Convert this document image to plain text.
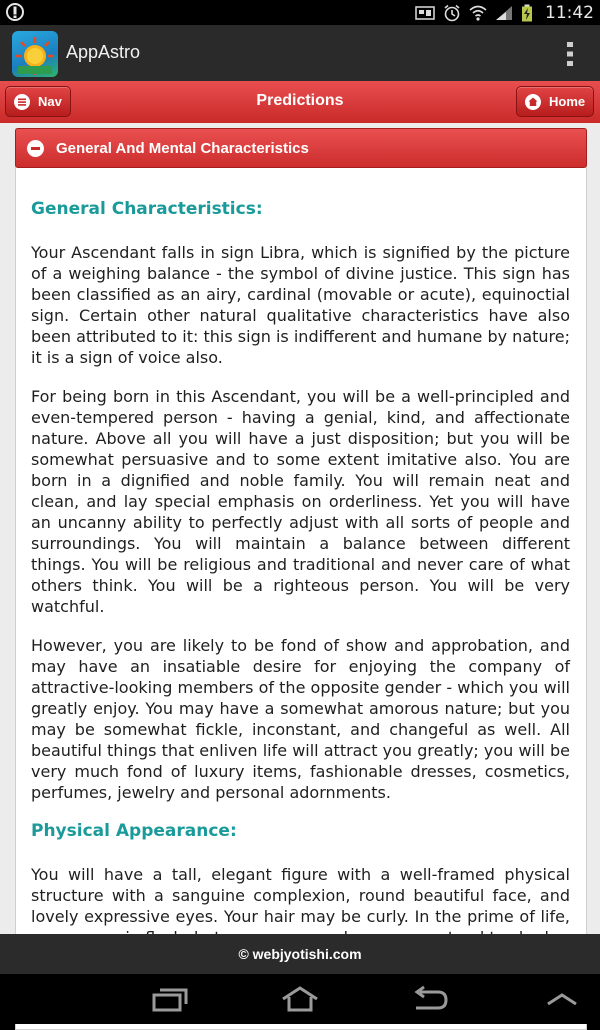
11:42
AppAstro
Nav	Predictions	Home
General And Mental Characteristics
General Characteristics:

Your Ascendant falls in sign Libra, which is signified by the picture of a weighing balance - the symbol of divine justice. This sign has been classified as an airy, cardinal (movable or acute), equinoctial sign. Certain other natural qualitative characteristics have also been attributed to it: this sign is indifferent and humane by nature; it is a sign of voice also.

For being born in this Ascendant, you will be a well-principled and even-tempered person - having a genial, kind, and affectionate nature. Above all you will have a just disposition; but you will be somewhat persuasive and to some extent imitative also. You are born in a dignified and noble family. You will remain neat and clean, and lay special emphasis on orderliness. Yet you will have an uncanny ability to perfectly adjust with all sorts of people and surroundings. You will maintain a balance between different things. You will be religious and traditional and never care of what others think. You will be a righteous person. You will be very watchful.

However, you are likely to be fond of show and approbation, and may have an insatiable desire for enjoying the company of attractive-looking members of the opposite gender - which you will greatly enjoy. You may have a somewhat amorous nature; but you may be somewhat fickle, inconstant, and changeful as well. All beautiful things that enliven life will attract you greatly; you will be very much fond of luxury items, fashionable dresses, cosmetics, perfumes, jewelry and personal adornments.

Physical Appearance:

You will have a tall, elegant figure with a well-framed physical structure with a sanguine complexion, round beautiful face, and lovely expressive eyes. Your hair may be curly. In the prime of life,

© webjyotishi.com
